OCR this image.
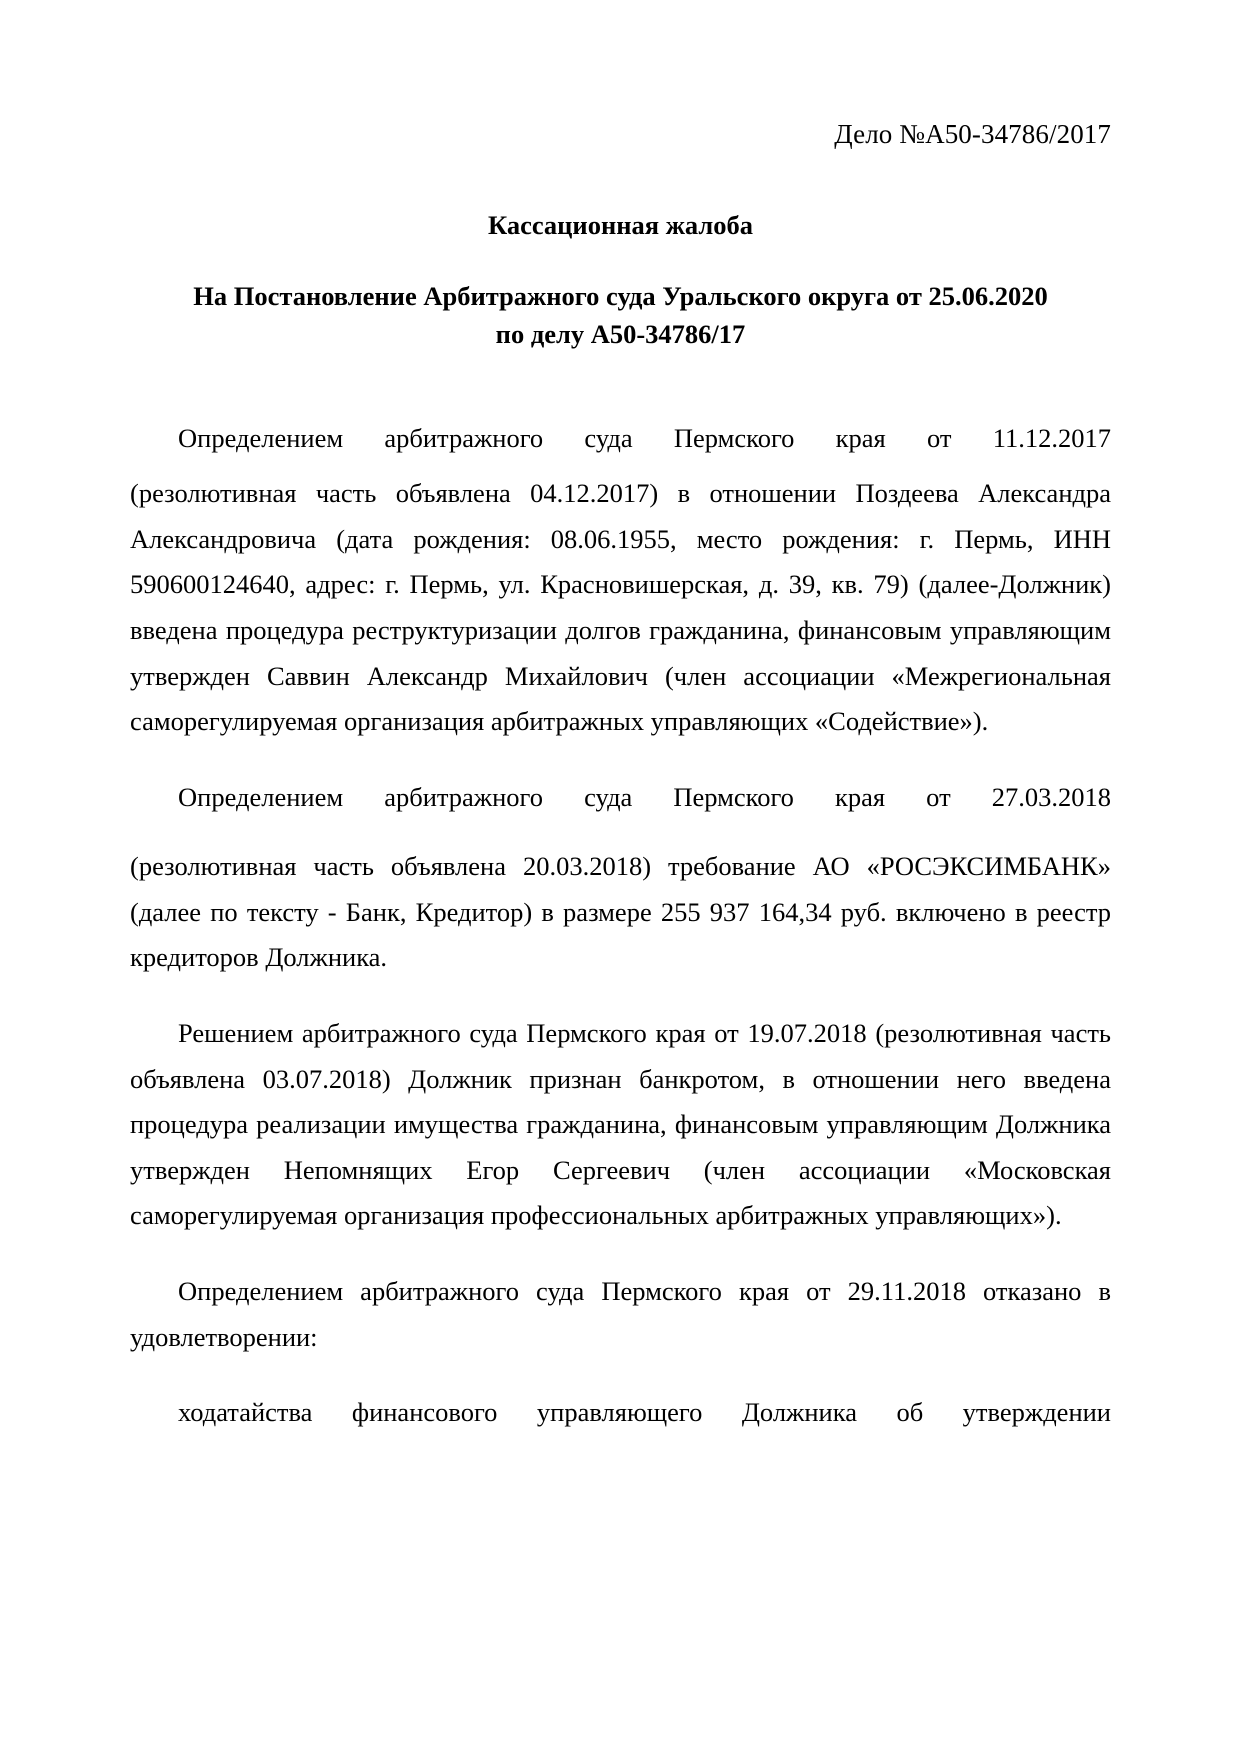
Дело №А50-34786/2017
Кассационная жалоба
На Постановление Арбитражного суда Уральского округа от 25.06.2020
по делу А50-34786/17

Определением арбитражного суда Пермского края от 11.12.2017

(резолютивная часть объявлена 04.12.2017) в отношении Поздеева Александра Александровича (дата рождения: 08.06.1955, место рождения: г. Пермь, ИНН 590600124640, адрес: г. Пермь, ул. Красновишерская, д. 39, кв. 79) (далее-Должник) введена процедура реструктуризации долгов гражданина, финансовым управляющим утвержден Саввин Александр Михайлович (член ассоциации «Межрегиональная саморегулируемая организация арбитражных управляющих «Содействие»).

Определением арбитражного суда Пермского края от 27.03.2018

(резолютивная часть объявлена 20.03.2018) требование АО «РОСЭКСИМБАНК» (далее по тексту - Банк, Кредитор) в размере 255 937 164,34 руб. включено в реестр кредиторов Должника.

Решением арбитражного суда Пермского края от 19.07.2018 (резолютивная часть объявлена 03.07.2018) Должник признан банкротом, в отношении него введена процедура реализации имущества гражданина, финансовым управляющим Должника утвержден Непомнящих Егор Сергеевич (член ассоциации «Московская саморегулируемая организация профессиональных арбитражных управляющих»).

Определением арбитражного суда Пермского края от 29.11.2018 отказано в удовлетворении:

ходатайства финансового управляющего Должника об утверждении
